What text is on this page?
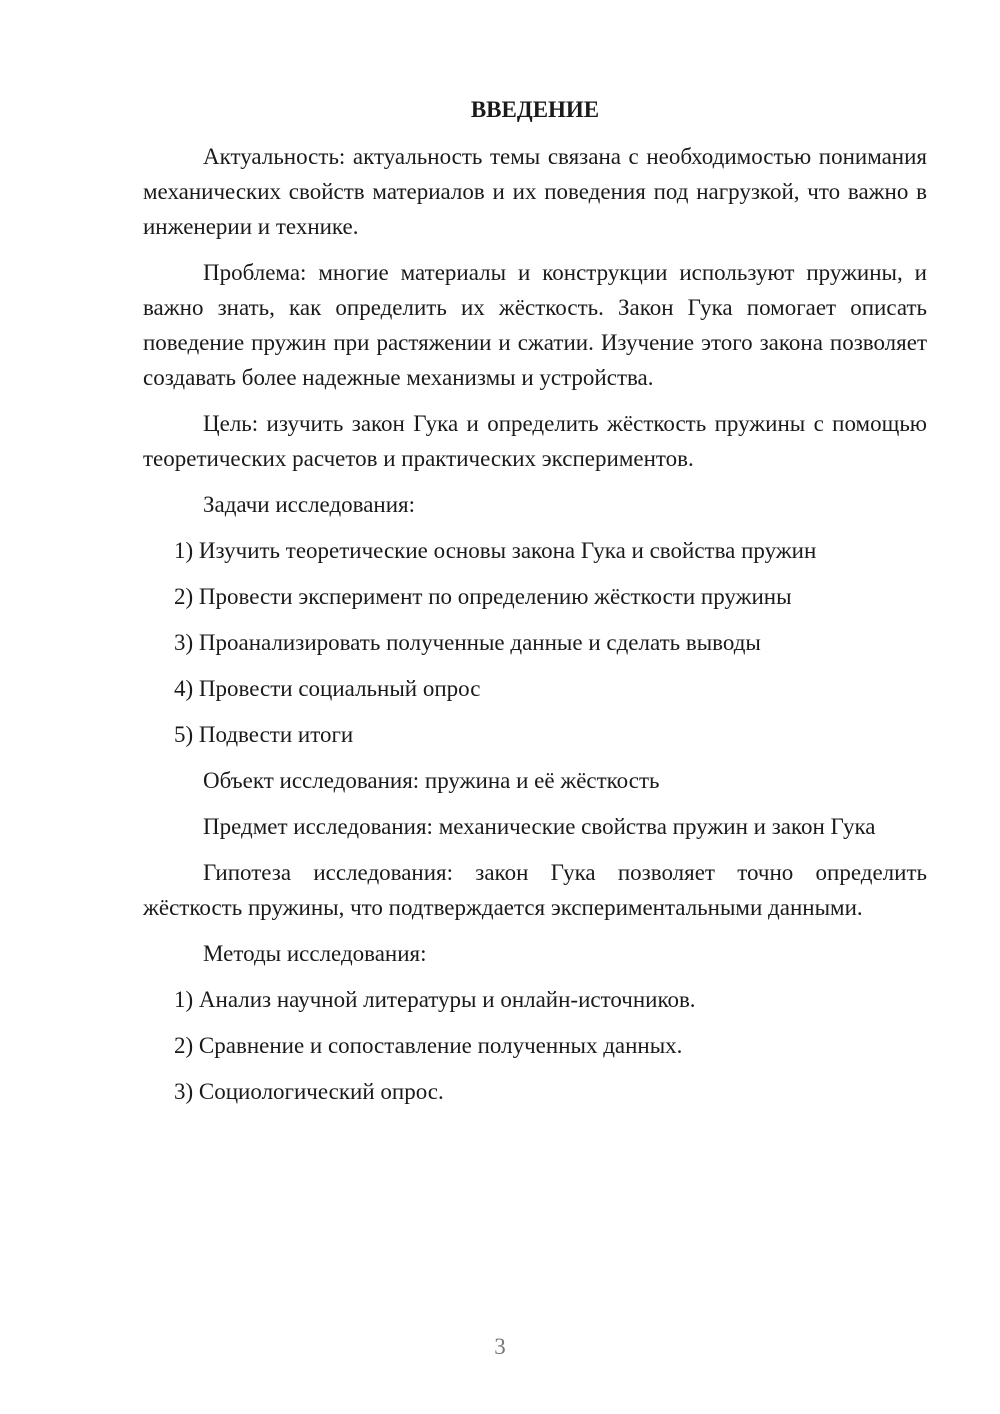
ВВЕДЕНИЕ

Актуальность: актуальность темы связана с необходимостью понимания механических свойств материалов и их поведения под нагрузкой, что важно в инженерии и технике.

Проблема: многие материалы и конструкции используют пружины, и важно знать, как определить их жёсткость. Закон Гука помогает описать поведение пружин при растяжении и сжатии. Изучение этого закона позволяет создавать более надежные механизмы и устройства.

Цель: изучить закон Гука и определить жёсткость пружины с помощью теоретических расчетов и практических экспериментов.

Задачи исследования:

1) Изучить теоретические основы закона Гука и свойства пружин
2) Провести эксперимент по определению жёсткости пружины
3) Проанализировать полученные данные и сделать выводы
4) Провести социальный опрос
5) Подвести итоги

Объект исследования: пружина и её жёсткость

Предмет исследования: механические свойства пружин и закон Гука

Гипотеза исследования: закон Гука позволяет точно определить жёсткость пружины, что подтверждается экспериментальными данными.

Методы исследования:

1) Анализ научной литературы и онлайн-источников.
2) Сравнение и сопоставление полученных данных.
3) Социологический опрос.
3
